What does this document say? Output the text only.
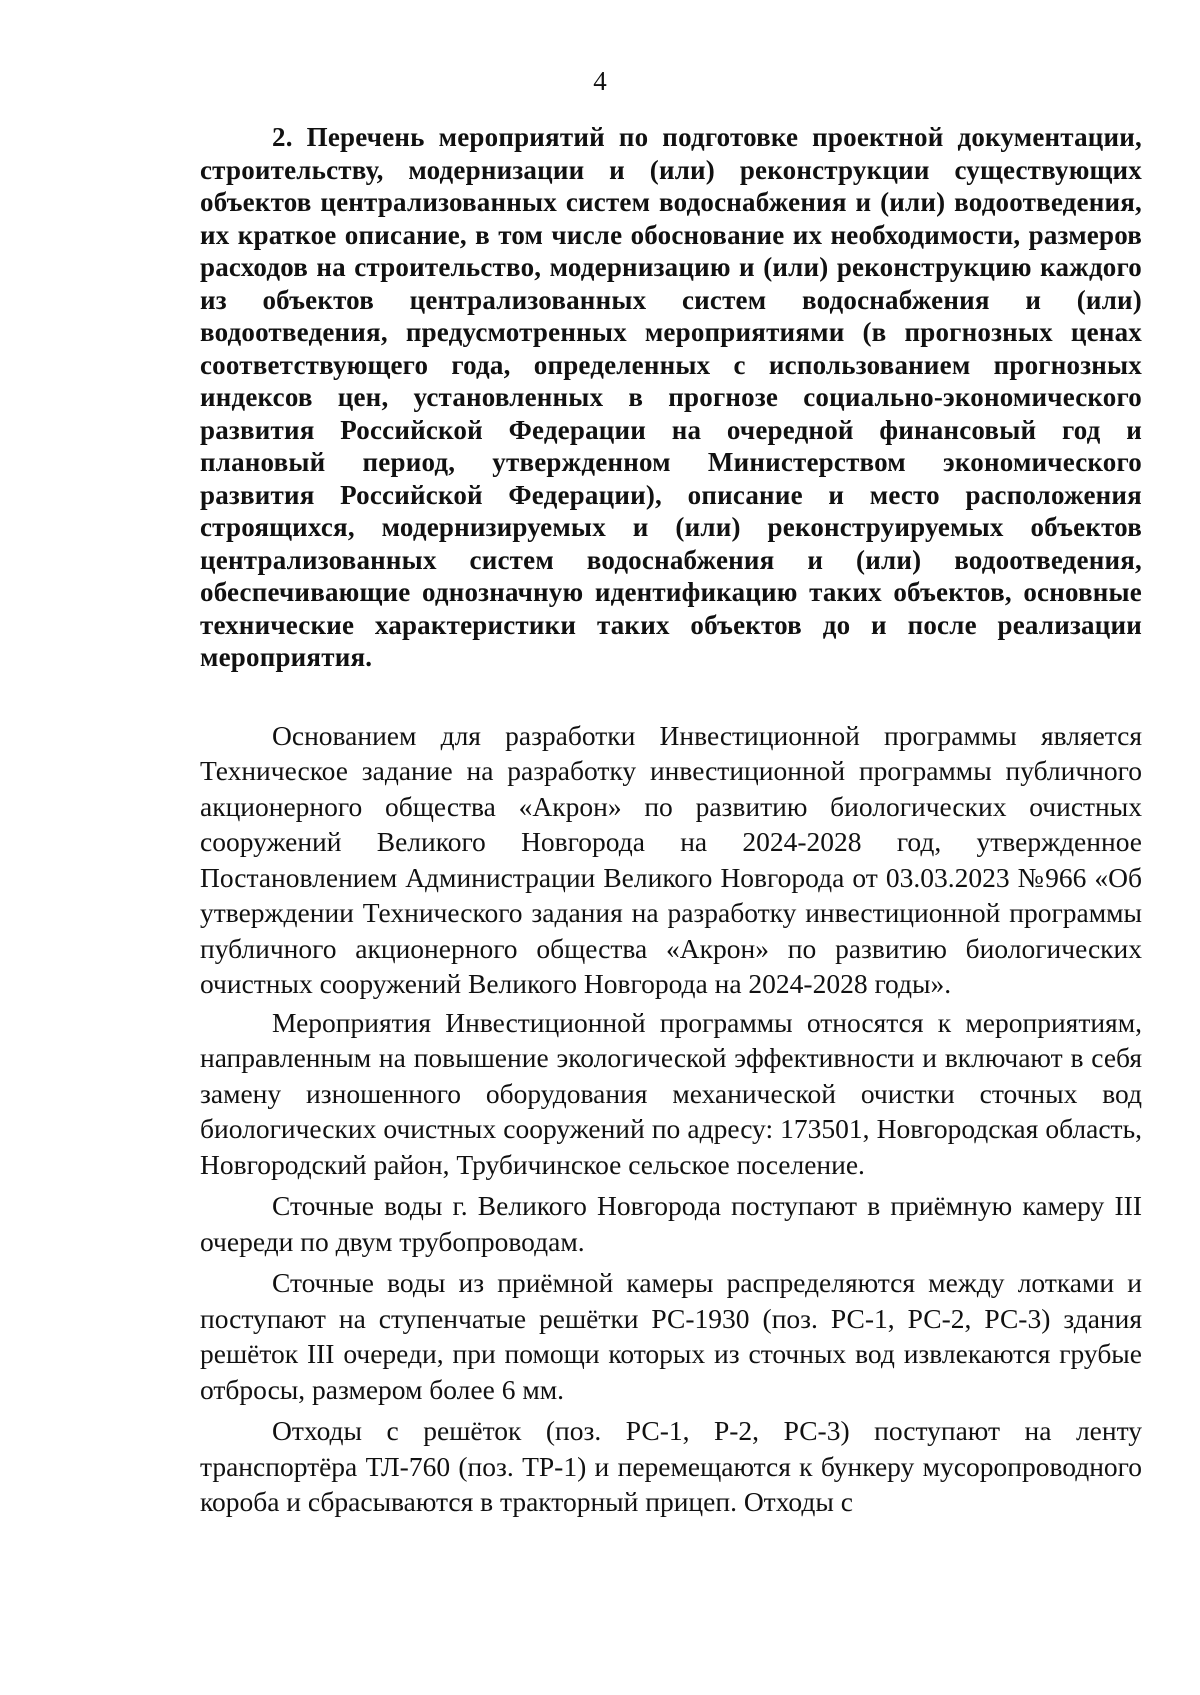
4

2. Перечень мероприятий по подготовке проектной документации, строительству, модернизации и (или) реконструкции существующих объектов централизованных систем водоснабжения и (или) водоотведения, их краткое описание, в том числе обоснование их необходимости, размеров расходов на строительство, модернизацию и (или) реконструкцию каждого из объектов централизованных систем водоснабжения и (или) водоотведения, предусмотренных мероприятиями (в прогнозных ценах соответствующего года, определенных с использованием прогнозных индексов цен, установленных в прогнозе социально-экономического развития Российской Федерации на очередной финансовый год и плановый период, утвержденном Министерством экономического развития Российской Федерации), описание и место расположения строящихся, модернизируемых и (или) реконструируемых объектов централизованных систем водоснабжения и (или) водоотведения, обеспечивающие однозначную идентификацию таких объектов, основные технические характеристики таких объектов до и после реализации мероприятия.

Основанием для разработки Инвестиционной программы является Техническое задание на разработку инвестиционной программы публичного акционерного общества «Акрон» по развитию биологических очистных сооружений Великого Новгорода на 2024-2028 год, утвержденное Постановлением Администрации Великого Новгорода от 03.03.2023 №966 «Об утверждении Технического задания на разработку инвестиционной программы публичного акционерного общества «Акрон» по развитию биологических очистных сооружений Великого Новгорода на 2024-2028 годы».

Мероприятия Инвестиционной программы относятся к мероприятиям, направленным на повышение экологической эффективности и включают в себя замену изношенного оборудования механической очистки сточных вод биологических очистных сооружений по адресу: 173501, Новгородская область, Новгородский район, Трубичинское сельское поселение.

Сточные воды г. Великого Новгорода поступают в приёмную камеру III очереди по двум трубопроводам.

Сточные воды из приёмной камеры распределяются между лотками и поступают на ступенчатые решётки РС-1930 (поз. РС-1, РС-2, РС-3) здания решёток III очереди, при помощи которых из сточных вод извлекаются грубые отбросы, размером более 6 мм.

Отходы с решёток (поз. РС-1, Р-2, РС-3) поступают на ленту транспортёра ТЛ-760 (поз. ТР-1) и перемещаются к бункеру мусоропроводного короба и сбрасываются в тракторный прицеп. Отходы с
